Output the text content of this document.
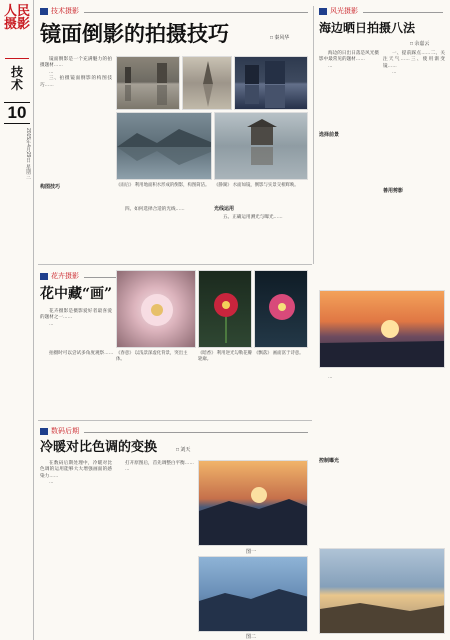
人民摄影
技术
10
2015年4月29日 星期三
技术摄影
镜面倒影的拍摄技巧	□ 秦风华

镜面倒影是一个充满魅力的拍摄题材……

…

三、拍摄镜面倒影的构图技巧……

构图技巧	《雨后》 利用地面积水形成的倒影，构图简洁。 《静湖》 水面如镜，倒影与实景交相辉映。

四、如何选择合适的光线……	光线运用

五、正确运用测光与曝光……

花卉摄影
花中藏“画”

花卉摄影是摄影爱好者最喜爱的题材之一……

…

拍摄时可以尝试多角度观察…… 《春意》 以浅景深虚化背景，突出主体。
《暗香》 利用逆光勾勒花瓣轮廓。
《飘落》 画面富于诗意。
数码后期
冷暖对比色调的变换	□ 刘天

在数码后期处理中，冷暖对比色调的运用能够大大增强画面的感染力……

…

打开原图后，首先调整白平衡……

…

图一
图二
风光摄影
海边晒日拍摄八法
□ 余嘉云

海边的日出日落是风光摄影中最常见的题材……

…

选择前景

一、提前踩点……二、关注天气……三、使用渐变镜……

…

善用剪影

…

控制曝光
